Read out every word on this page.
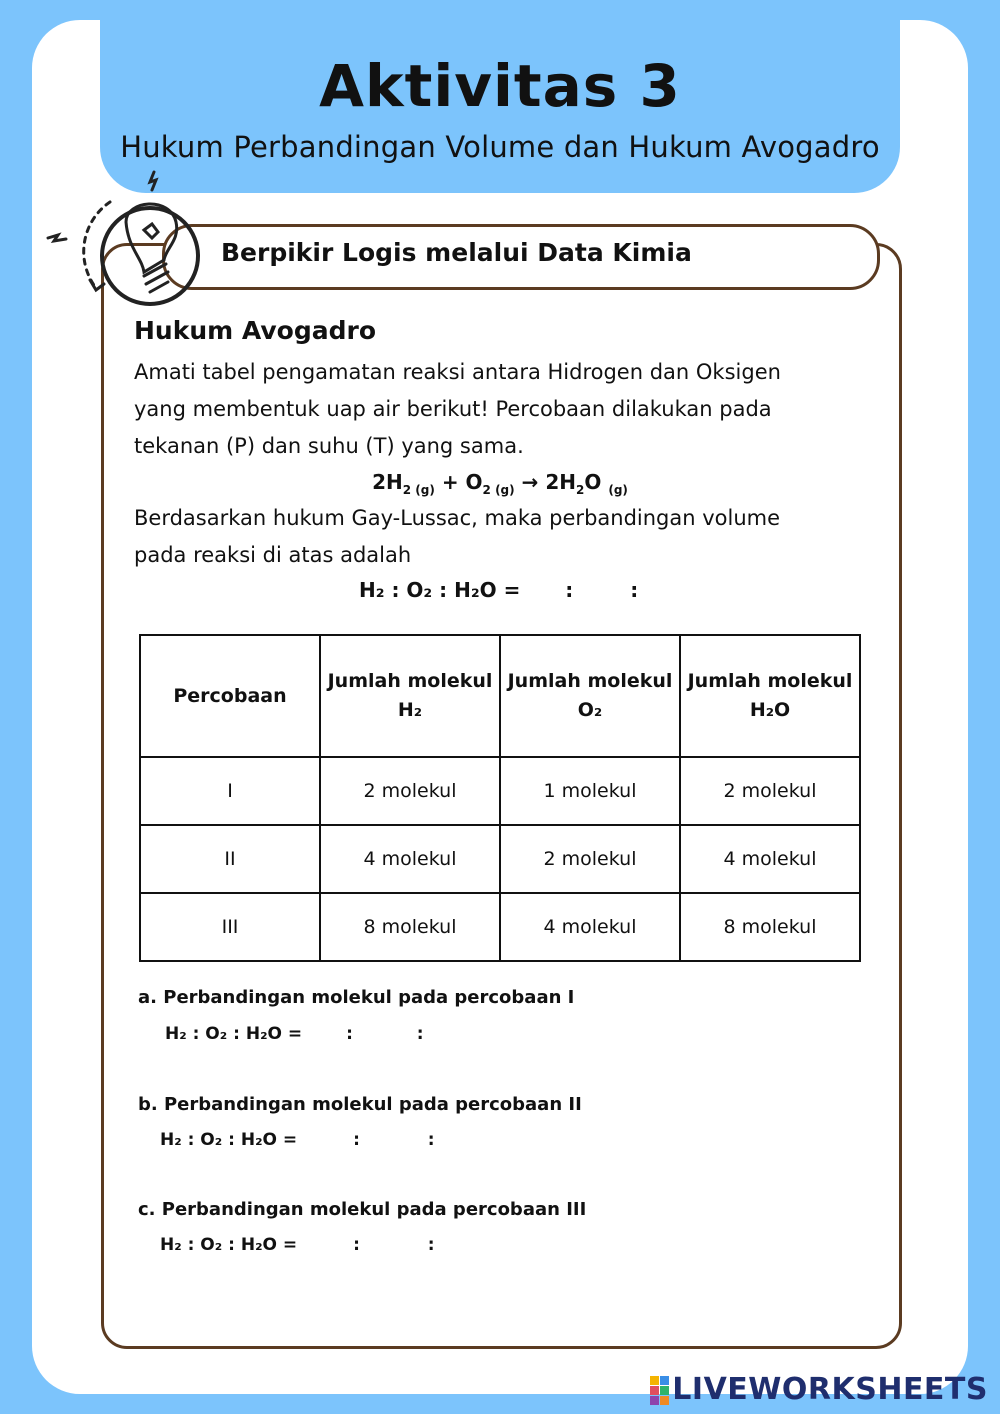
Aktivitas 3
Hukum Perbandingan Volume dan Hukum Avogadro
Berpikir Logis melalui Data Kimia
Hukum Avogadro
Amati tabel pengamatan reaksi antara Hidrogen dan Oksigen
yang membentuk uap air berikut! Percobaan dilakukan pada
tekanan (P) dan suhu (T) yang sama.
$2H_{2 (g)} + O_{2 (g)} \to 2H_2O$ $_{(g)}$
Berdasarkan hukum Gay-Lussac, maka perbandingan volume
pada reaksi di atas adalah
H₂ : O₂ : H₂O = :	:
Percobaan	Jumlah molekul H₂	Jumlah molekul O₂	Jumlah molekul H₂O
I	2 molekul	1 molekul	2 molekul
II	4 molekul	2 molekul	4 molekul
III	8 molekul	4 molekul	8 molekul
a. Perbandingan molekul pada percobaan I
H₂ : O₂ : H₂O =	:	:
b. Perbandingan molekul pada percobaan II
H₂ : O₂ : H₂O =	:	:
c. Perbandingan molekul pada percobaan III
H₂ : O₂ : H₂O =	:	:
LIVEWORKSHEETS
